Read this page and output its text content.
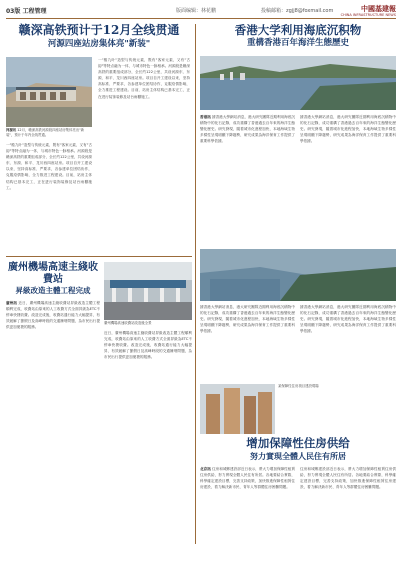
03版 工程管理	版面编辑：林花鹏	投稿邮箱：zgjj8@foxmail.com	中國基建報
CHINA INFRASTRUCTURE NEWS
赣深高铁预计于12月全线贯通
河源四座站房集体亮"新装"
河源讯 12月，赣深高铁河源段四座站房集体亮出"新装"，预计于年内全线贯通。
一"檐九叶"造型与传统元素，既有"客家元素，又有"古韵"等特点融为一体，与城市特色一脉相承。河源段是赣深高铁的重要组成部分，全长约122公里，共设河源东、东源、和平、龙川西四座站房。项目自开工建设以来，坚持高标准、严要求，各参建单位团结协作，克服疫情影响，全力推进工程建设。目前，站房主体结构已基本完工，正在进行装饰装修及站台雨棚施工。
一"檐九叶"造型与传统元素，既有"客家元素，又有"古韵"等特点融为一体，与城市特色一脉相承。河源段是赣深高铁的重要组成部分，全长约122公里，共设河源东、东源、和平、龙川西四座站房。项目自开工建设以来，坚持高标准、严要求，各参建单位团结协作，克服疫情影响，全力推进工程建设。目前，站房主体结构已基本完工，正在进行装饰装修及站台雨棚施工。
香港大学利用海底沉积物
重構香港百年海洋生態歷史
香港訊 據香港大學網站消息，港大研究團隊近期利用海底沉積物中的化石記錄，成功重構了香港過去百年來的海洋生態變化歷史。研究發現，隨着城市化進程加快，本地海域生物多樣性呈現明顯下降趨勢，研究成果為海洋保育工作提供了重要科學依據。
據香港大學網站消息，港大研究團隊近期利用海底沉積物中的化石記錄，成功重構了香港過去百年來的海洋生態變化歷史。研究發現，隨着城市化進程加快，本地海域生物多樣性呈現明顯下降趨勢，研究成果為海洋保育工作提供了重要科學依據。
據香港大學網站消息，港大研究團隊近期利用海底沉積物中的化石記錄，成功重構了香港過去百年來的海洋生態變化歷史。研究發現，隨着城市化進程加快，本地海域生物多樣性呈現明顯下降趨勢，研究成果為海洋保育工作提供了重要科學依據。
據香港大學網站消息，港大研究團隊近期利用海底沉積物中的化石記錄，成功重構了香港過去百年來的海洋生態變化歷史。研究發現，隨着城市化進程加快，本地海域生物多樣性呈現明顯下降趨勢，研究成果為海洋保育工作提供了重要科學依據。
廣州機場高速主綫收費站
昇級改造主體工程完成
廣州訊 近日，廣州機場高速主綫收費站昇級改造主體工程順利完成，收費站由原來的人工收費方式全面昇級為ETC不停車快捷收費。改造完成後，收費站通行能力大幅提昇，有效緩解了節假日及高峰時段的交通擁堵問題，為市民出行提供更加便捷的服務。
廣州機場高速收費站改造後全景
近日，廣州機場高速主綫收費站昇級改造主體工程順利完成，收費站由原來的人工收費方式全面昇級為ETC不停車快捷收費。改造完成後，收費站通行能力大幅提昇，有效緩解了節假日及高峰時段的交通擁堵問題，為市民出行提供更加便捷的服務。
某保障性住房項目建設現場
增加保障性住房供给
努力實現全體人民住有所居
北京訊 住房和城鄉建設部近日表示，將大力增加保障性租賃住房供給，努力實現全體人民住有所居。各地要結合實際，科學確定建設目標，完善支持政策，加快推進保障性租賃住房建設，着力解決新市民、青年人等群體住房困難問題。
住房和城鄉建設部近日表示，將大力增加保障性租賃住房供給，努力實現全體人民住有所居。各地要結合實際，科學確定建設目標，完善支持政策，加快推進保障性租賃住房建設，着力解決新市民、青年人等群體住房困難問題。
